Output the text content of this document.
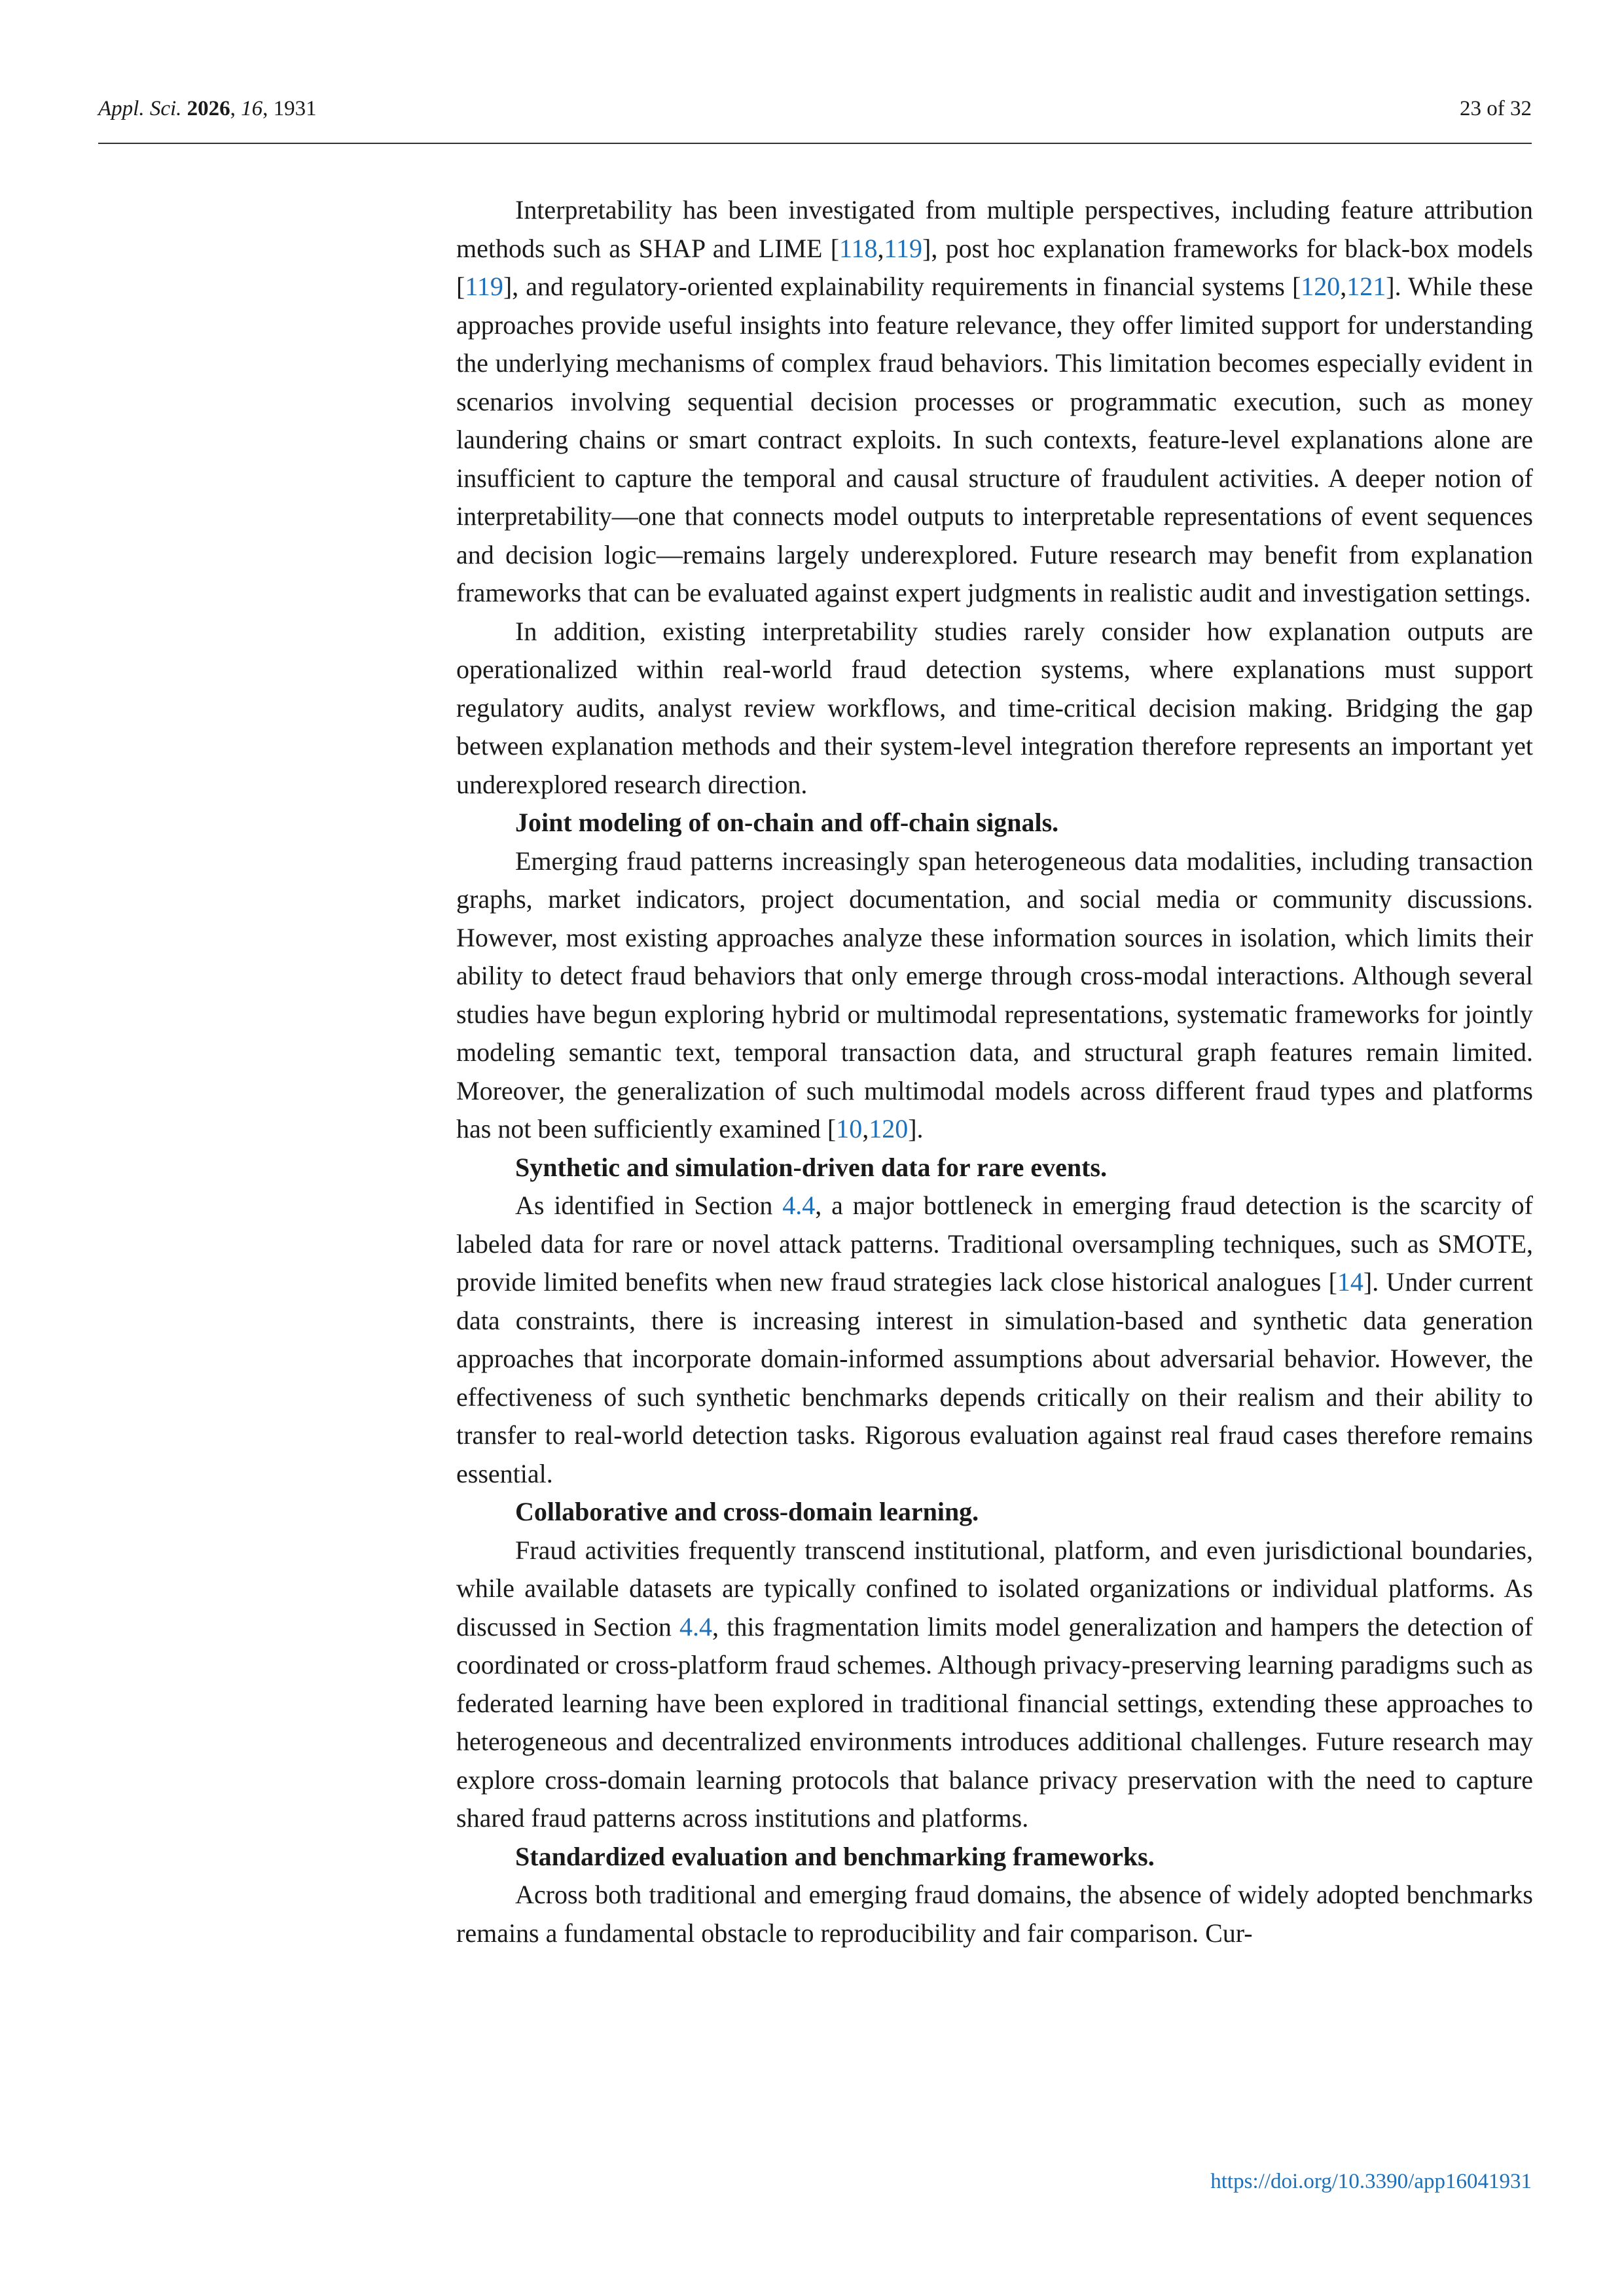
Appl. Sci. 2026, 16, 1931	23 of 32

Interpretability has been investigated from multiple perspectives, including feature attribution methods such as SHAP and LIME [118,119], post hoc explanation frameworks for black-box models [119], and regulatory-oriented explainability requirements in financial systems [120,121]. While these approaches provide useful insights into feature relevance, they offer limited support for understanding the underlying mechanisms of complex fraud behaviors. This limitation becomes especially evident in scenarios involving sequential decision processes or programmatic execution, such as money laundering chains or smart contract exploits. In such contexts, feature-level explanations alone are insufficient to capture the temporal and causal structure of fraudulent activities. A deeper notion of interpretability—one that connects model outputs to interpretable representations of event sequences and decision logic—remains largely underexplored. Future research may benefit from explanation frameworks that can be evaluated against expert judgments in realistic audit and investigation settings.

In addition, existing interpretability studies rarely consider how explanation outputs are operationalized within real-world fraud detection systems, where explanations must support regulatory audits, analyst review workflows, and time-critical decision making. Bridging the gap between explanation methods and their system-level integration therefore represents an important yet underexplored research direction.

Joint modeling of on-chain and off-chain signals.

Emerging fraud patterns increasingly span heterogeneous data modalities, including transaction graphs, market indicators, project documentation, and social media or community discussions. However, most existing approaches analyze these information sources in isolation, which limits their ability to detect fraud behaviors that only emerge through cross-modal interactions. Although several studies have begun exploring hybrid or multimodal representations, systematic frameworks for jointly modeling semantic text, temporal transaction data, and structural graph features remain limited. Moreover, the generalization of such multimodal models across different fraud types and platforms has not been sufficiently examined [10,120].

Synthetic and simulation-driven data for rare events.

As identified in Section 4.4, a major bottleneck in emerging fraud detection is the scarcity of labeled data for rare or novel attack patterns. Traditional oversampling techniques, such as SMOTE, provide limited benefits when new fraud strategies lack close historical analogues [14]. Under current data constraints, there is increasing interest in simulation-based and synthetic data generation approaches that incorporate domain-informed assumptions about adversarial behavior. However, the effectiveness of such synthetic benchmarks depends critically on their realism and their ability to transfer to real-world detection tasks. Rigorous evaluation against real fraud cases therefore remains essential.

Collaborative and cross-domain learning.

Fraud activities frequently transcend institutional, platform, and even jurisdictional boundaries, while available datasets are typically confined to isolated organizations or individual platforms. As discussed in Section 4.4, this fragmentation limits model generalization and hampers the detection of coordinated or cross-platform fraud schemes. Although privacy-preserving learning paradigms such as federated learning have been explored in traditional financial settings, extending these approaches to heterogeneous and decentralized environments introduces additional challenges. Future research may explore cross-domain learning protocols that balance privacy preservation with the need to capture shared fraud patterns across institutions and platforms.

Standardized evaluation and benchmarking frameworks.

Across both traditional and emerging fraud domains, the absence of widely adopted benchmarks remains a fundamental obstacle to reproducibility and fair comparison. Cur-

https://doi.org/10.3390/app16041931
